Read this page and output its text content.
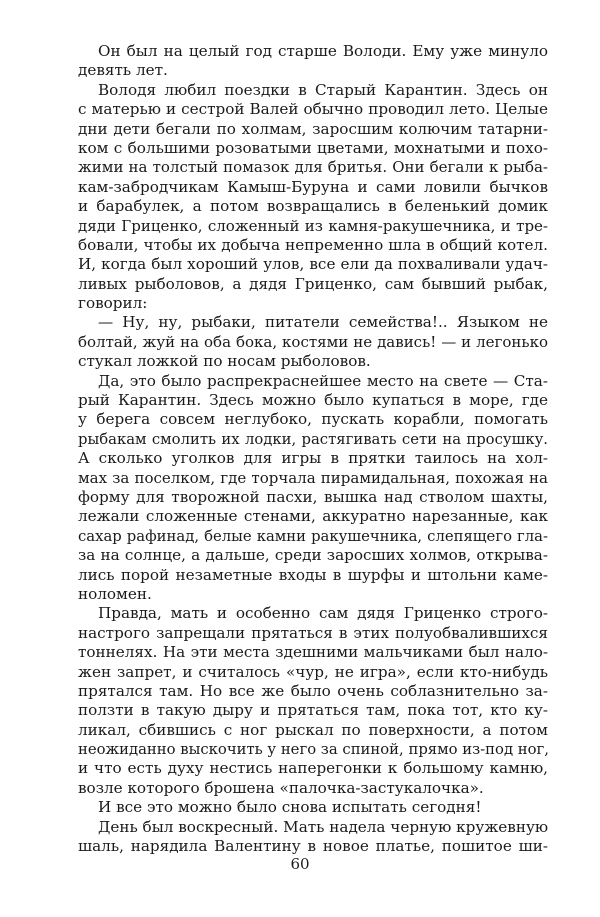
Он был на целый год старше Володи. Ему уже минуло
девять лет.
Володя любил поездки в Старый Карантин. Здесь он
с матерью и сестрой Валей обычно проводил лето. Целые
дни дети бегали по холмам, заросшим колючим татарни-
ком с большими розоватыми цветами, мохнатыми и похо-
жими на толстый помазок для бритья. Они бегали к рыба-
кам-забродчикам Камыш-Буруна и сами ловили бычков
и барабулек, а потом возвращались в беленький домик
дяди Гриценко, сложенный из камня-ракушечника, и тре-
бовали, чтобы их добыча непременно шла в общий котел.
И, когда был хороший улов, все ели да похваливали удач-
ливых рыболовов, а дядя Гриценко, сам бывший рыбак,
говорил:
— Ну, ну, рыбаки, питатели семейства!.. Языком не
болтай, жуй на оба бока, костями не давись! — и легонько
стукал ложкой по носам рыболовов.
Да, это было распрекраснейшее место на свете — Ста-
рый Карантин. Здесь можно было купаться в море, где
у берега совсем неглубоко, пускать корабли, помогать
рыбакам смолить их лодки, растягивать сети на просушку.
А сколько уголков для игры в прятки таилось на хол-
мах за поселком, где торчала пирамидальная, похожая на
форму для творожной пасхи, вышка над стволом шахты,
лежали сложенные стенами, аккуратно нарезанные, как
сахар рафинад, белые камни ракушечника, слепящего гла-
за на солнце, а дальше, среди заросших холмов, открыва-
лись порой незаметные входы в шурфы и штольни каме-
ноломен.
Правда, мать и особенно сам дядя Гриценко строго-
настрого запрещали прятаться в этих полуобвалившихся
тоннелях. На эти места здешними мальчиками был нало-
жен запрет, и считалось «чур, не игра», если кто-нибудь
прятался там. Но все же было очень соблазнительно за-
ползти в такую дыру и прятаться там, пока тот, кто ку-
ликал, сбившись с ног рыскал по поверхности, а потом
неожиданно выскочить у него за спиной, прямо из-под ног,
и что есть духу нестись наперегонки к большому камню,
возле которого брошена «палочка-застукалочка».
И все это можно было снова испытать сегодня!
День был воскресный. Мать надела черную кружевную
шаль, нарядила Валентину в новое платье, пошитое ши-
60
